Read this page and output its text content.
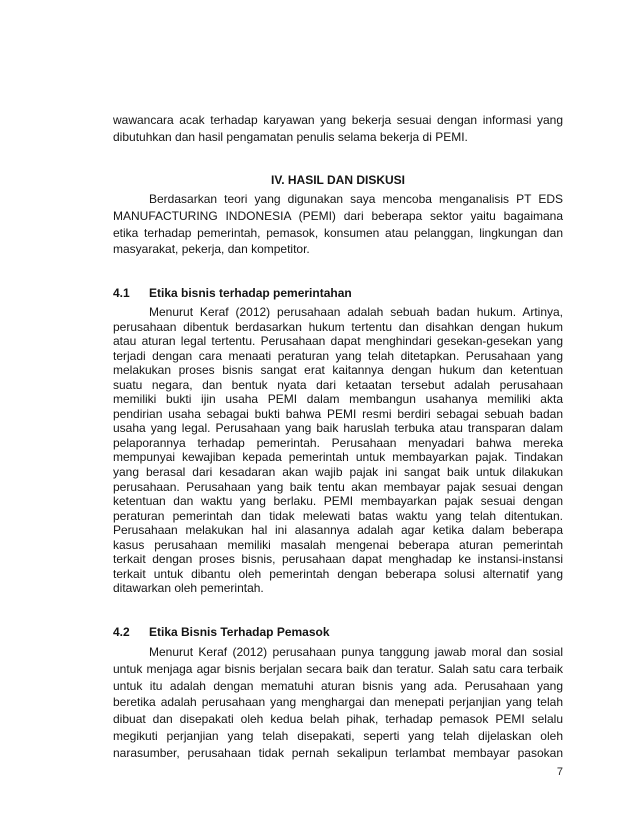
wawancara acak terhadap karyawan yang bekerja sesuai dengan informasi yang
dibutuhkan dan hasil pengamatan penulis selama bekerja di PEMI.
IV. HASIL DAN DISKUSI
Berdasarkan teori yang digunakan saya mencoba menganalisis PT EDS
MANUFACTURING INDONESIA (PEMI) dari beberapa sektor yaitu bagaimana
etika terhadap pemerintah, pemasok, konsumen atau pelanggan, lingkungan dan
masyarakat, pekerja, dan kompetitor.
4.1 Etika bisnis terhadap pemerintahan
Menurut Keraf (2012) perusahaan adalah sebuah badan hukum. Artinya,
perusahaan dibentuk berdasarkan hukum tertentu dan disahkan dengan hukum
atau aturan legal tertentu. Perusahaan dapat menghindari gesekan-gesekan yang
terjadi dengan cara menaati peraturan yang telah ditetapkan. Perusahaan yang
melakukan proses bisnis sangat erat kaitannya dengan hukum dan ketentuan
suatu negara, dan bentuk nyata dari ketaatan tersebut adalah perusahaan
memiliki bukti ijin usaha PEMI dalam membangun usahanya memiliki akta
pendirian usaha sebagai bukti bahwa PEMI resmi berdiri sebagai sebuah badan
usaha yang legal. Perusahaan yang baik haruslah terbuka atau transparan dalam
pelaporannya terhadap pemerintah. Perusahaan menyadari bahwa mereka
mempunyai kewajiban kepada pemerintah untuk membayarkan pajak. Tindakan
yang berasal dari kesadaran akan wajib pajak ini sangat baik untuk dilakukan
perusahaan. Perusahaan yang baik tentu akan membayar pajak sesuai dengan
ketentuan dan waktu yang berlaku. PEMI membayarkan pajak sesuai dengan
peraturan pemerintah dan tidak melewati batas waktu yang telah ditentukan.
Perusahaan melakukan hal ini alasannya adalah agar ketika dalam beberapa
kasus perusahaan memiliki masalah mengenai beberapa aturan pemerintah
terkait dengan proses bisnis, perusahaan dapat menghadap ke instansi-instansi
terkait untuk dibantu oleh pemerintah dengan beberapa solusi alternatif yang
ditawarkan oleh pemerintah.
4.2 Etika Bisnis Terhadap Pemasok
Menurut Keraf (2012) perusahaan punya tanggung jawab moral dan sosial
untuk menjaga agar bisnis berjalan secara baik dan teratur. Salah satu cara terbaik
untuk itu adalah dengan mematuhi aturan bisnis yang ada. Perusahaan yang
beretika adalah perusahaan yang menghargai dan menepati perjanjian yang telah
dibuat dan disepakati oleh kedua belah pihak, terhadap pemasok PEMI selalu
megikuti perjanjian yang telah disepakati, seperti yang telah dijelaskan oleh
narasumber, perusahaan tidak pernah sekalipun terlambat membayar pasokan
7
